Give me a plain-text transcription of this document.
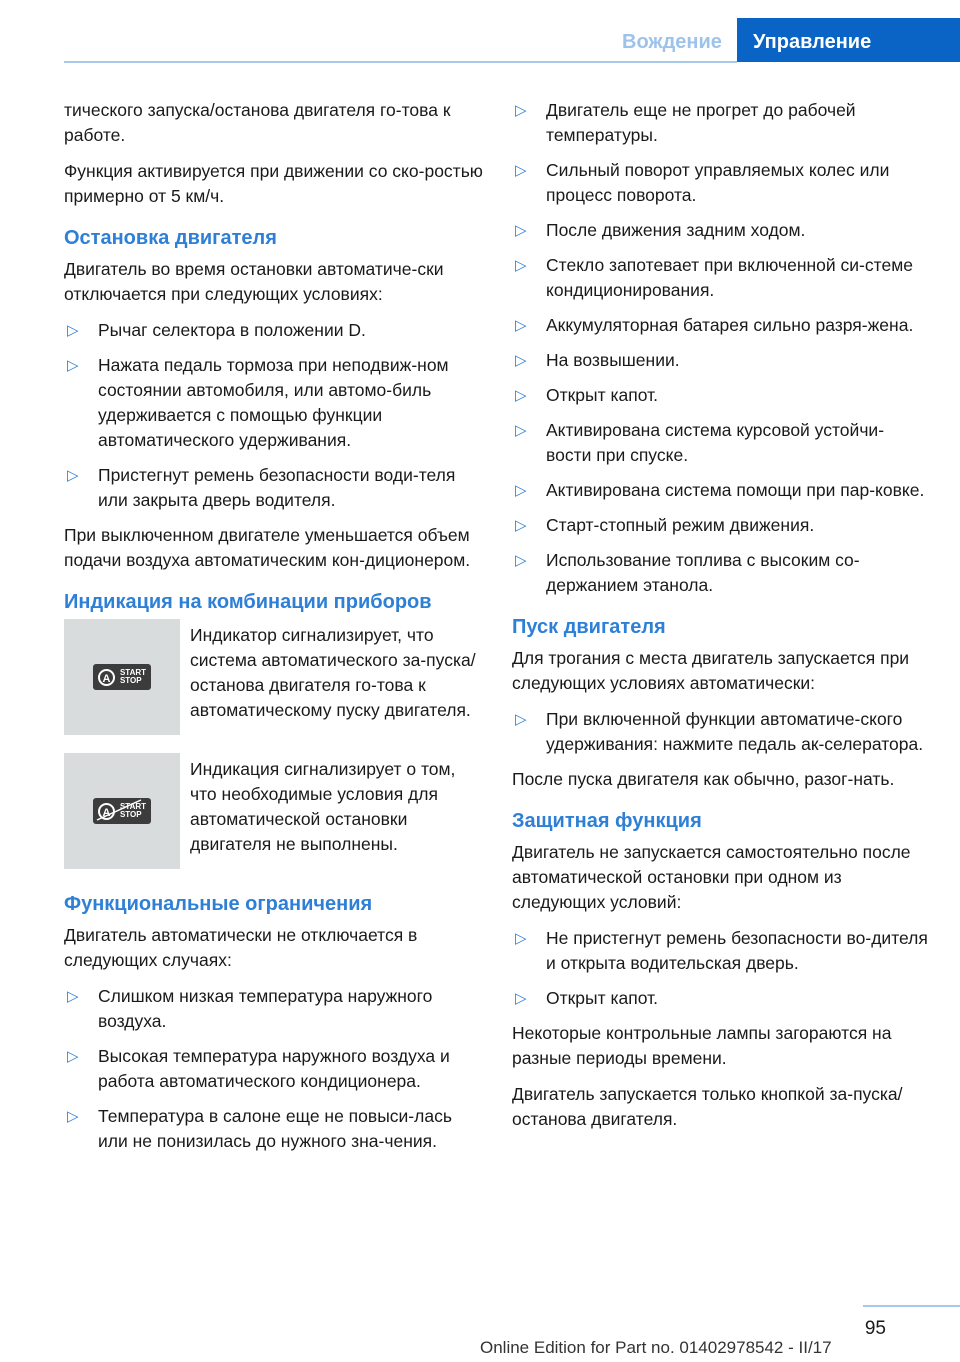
Вождение	Управление

тического запуска/останова двигателя го-това к работе.

Функция активируется при движении со ско-ростью примерно от 5 км/ч.

Остановка двигателя

Двигатель во время остановки автоматиче-ски отключается при следующих условиях:

▷ Рычаг селектора в положении D.
▷ Нажата педаль тормоза при неподвиж-ном состоянии автомобиля, или автомо-биль удерживается с помощью функции автоматического удерживания.
▷ Пристегнут ремень безопасности води-теля или закрыта дверь водителя.

При выключенном двигателе уменьшается объем подачи воздуха автоматическим кон-диционером.

Индикация на комбинации приборов
A	START
STOP

Индикатор сигнализирует, что система автоматического за-пуска/останова двигателя го-това к автоматическому пуску двигателя.

A	START
STOP

Индикация сигнализирует о том, что необходимые условия для автоматической остановки двигателя не выполнены.

Функциональные ограничения

Двигатель автоматически не отключается в следующих случаях:

▷ Слишком низкая температура наружного воздуха.
▷ Высокая температура наружного воздуха и работа автоматического кондиционера.
▷ Температура в салоне еще не повыси-лась или не понизилась до нужного зна-чения.
▷ Двигатель еще не прогрет до рабочей температуры.
▷ Сильный поворот управляемых колес или процесс поворота.
▷ После движения задним ходом.
▷ Стекло запотевает при включенной си-стеме кондиционирования.
▷ Аккумуляторная батарея сильно разря-жена.
▷ На возвышении.
▷ Открыт капот.
▷ Активирована система курсовой устойчи-вости при спуске.
▷ Активирована система помощи при пар-ковке.
▷ Старт-стопный режим движения.
▷ Использование топлива с высоким со-держанием этанола.
Пуск двигателя

Для трогания с места двигатель запускается при следующих условиях автоматически:

▷ При включенной функции автоматиче-ского удерживания: нажмите педаль ак-селератора.

После пуска двигателя как обычно, разог-нать.

Защитная функция

Двигатель не запускается самостоятельно после автоматической остановки при одном из следующих условий:

▷ Не пристегнут ремень безопасности во-дителя и открыта водительская дверь.
▷ Открыт капот.

Некоторые контрольные лампы загораются на разные периоды времени.

Двигатель запускается только кнопкой за-пуска/останова двигателя.

95
Online Edition for Part no. 01402978542 - II/17
